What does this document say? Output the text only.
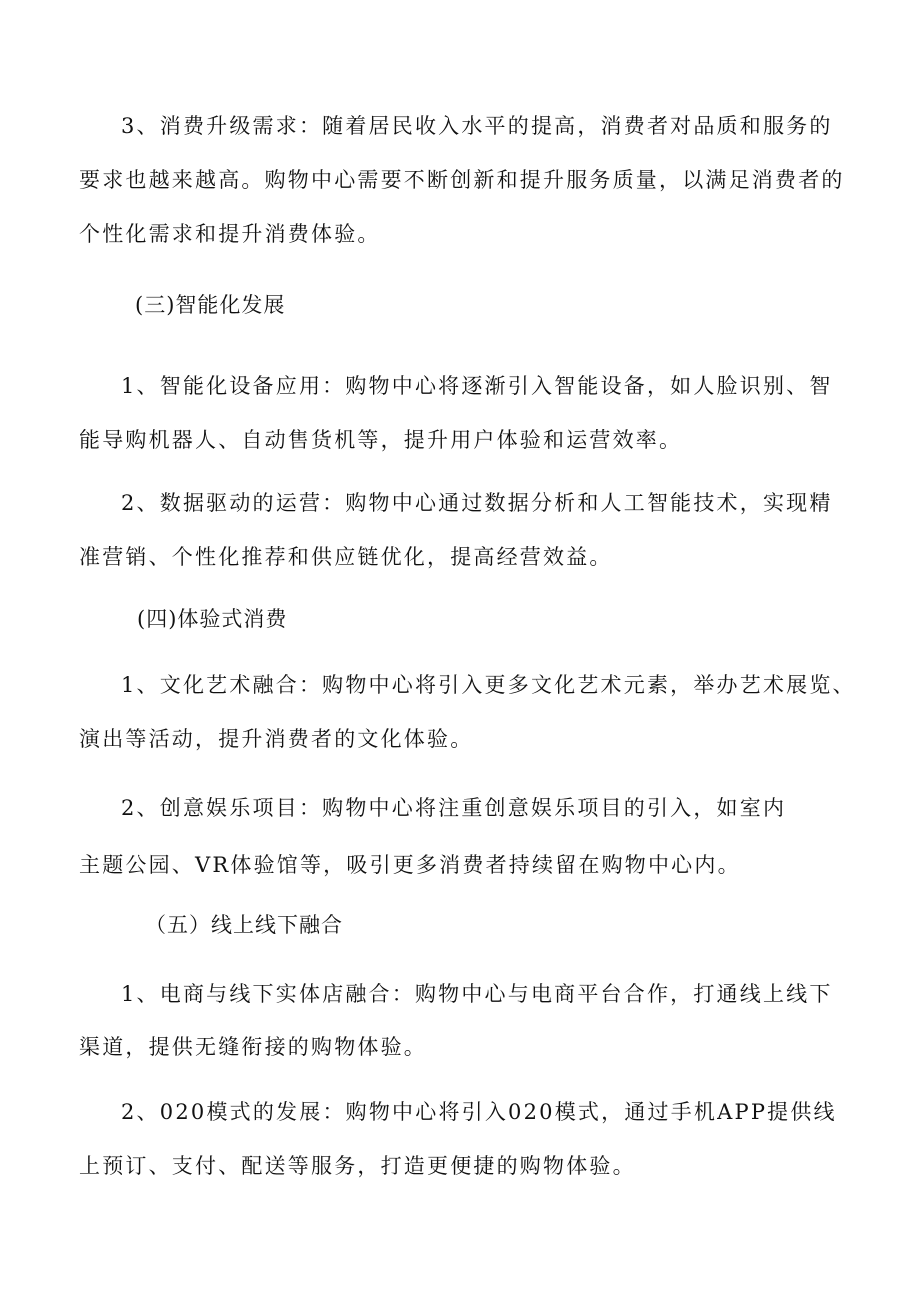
3、消费升级需求：随着居民收入水平的提高，消费者对品质和服务的
要求也越来越高。购物中心需要不断创新和提升服务质量，以满足消费者的
个性化需求和提升消费体验。
(三)智能化发展
1、智能化设备应用：购物中心将逐渐引入智能设备，如人脸识别、智
能导购机器人、自动售货机等，提升用户体验和运营效率。
2、数据驱动的运营：购物中心通过数据分析和人工智能技术，实现精
准营销、个性化推荐和供应链优化，提高经营效益。
(四)体验式消费
1、文化艺术融合：购物中心将引入更多文化艺术元素，举办艺术展览、
演出等活动，提升消费者的文化体验。
2、创意娱乐项目：购物中心将注重创意娱乐项目的引入，如室内
主题公园、VR体验馆等，吸引更多消费者持续留在购物中心内。
（五）线上线下融合
1、电商与线下实体店融合：购物中心与电商平台合作，打通线上线下
渠道，提供无缝衔接的购物体验。
2、020模式的发展：购物中心将引入020模式，通过手机APP提供线
上预订、支付、配送等服务，打造更便捷的购物体验。
